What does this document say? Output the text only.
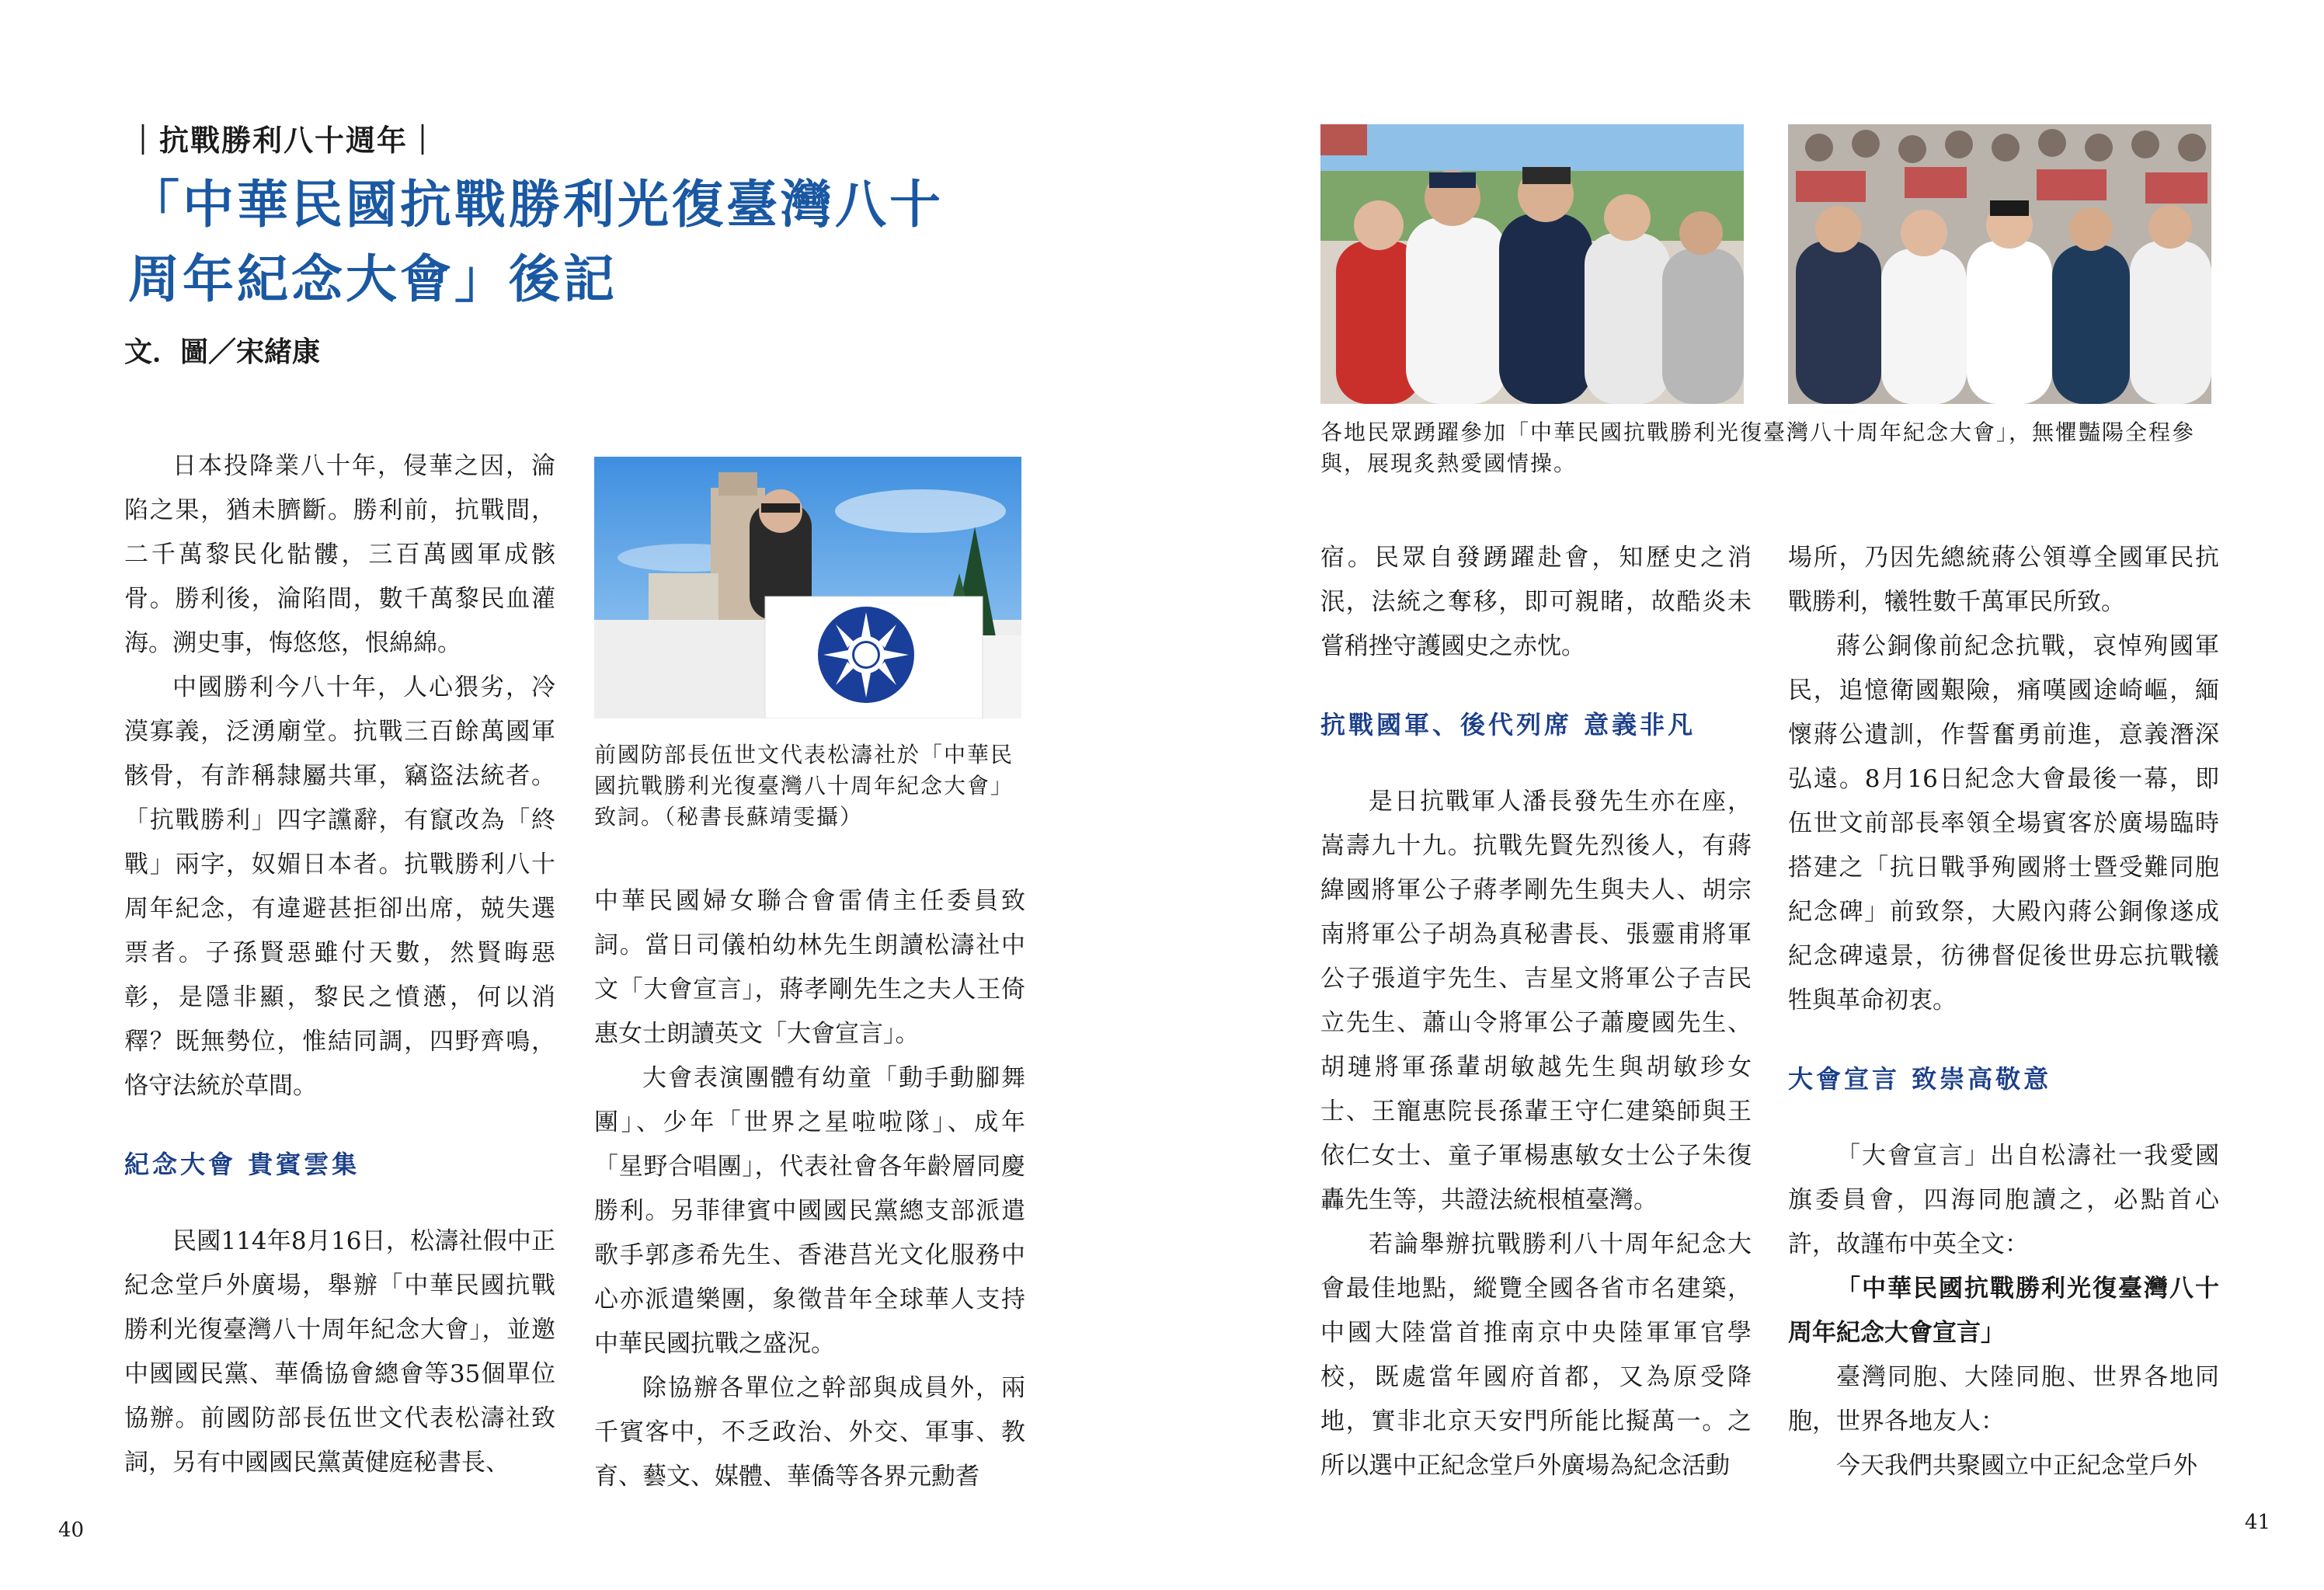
｜抗戰勝利八十週年｜
「中華民國抗戰勝利光復臺灣八十
周年紀念大會」後記
文．圖／宋緒康

日本投降業八十年，侵華之因，淪陷之果，猶未臍斷。勝利前，抗戰間，二千萬黎民化骷髏，三百萬國軍成骸骨。勝利後，淪陷間，數千萬黎民血灌海。溯史事，悔悠悠，恨綿綿。

中國勝利今八十年，人心猥劣，冷漠寡義，泛湧廟堂。抗戰三百餘萬國軍骸骨，有詐稱隸屬共軍，竊盜法統者。「抗戰勝利」四字讜辭，有竄改為「終戰」兩字，奴媚日本者。抗戰勝利八十周年紀念，有違避甚拒卻出席，兢失選票者。子孫賢惡雖付天數，然賢晦惡彰，是隱非顯，黎民之憤懣，何以消釋？既無勢位，惟結同調，四野齊鳴，恪守法統於草間。

紀念大會 貴賓雲集

民國114年8月16日，松濤社假中正紀念堂戶外廣場，舉辦「中華民國抗戰勝利光復臺灣八十周年紀念大會」，並邀中國國民黨、華僑協會總會等35個單位協辦。前國防部長伍世文代表松濤社致詞，另有中國國民黨黃健庭秘書長、

前國防部長伍世文代表松濤社於「中華民國抗戰勝利光復臺灣八十周年紀念大會」致詞。（秘書長蘇靖雯攝）

中華民國婦女聯合會雷倩主任委員致詞。當日司儀柏幼林先生朗讀松濤社中文「大會宣言」，蔣孝剛先生之夫人王倚惠女士朗讀英文「大會宣言」。

大會表演團體有幼童「動手動腳舞團」、少年「世界之星啦啦隊」、成年「星野合唱團」，代表社會各年齡層同慶勝利。另菲律賓中國國民黨總支部派遣歌手郭彥希先生、香港莒光文化服務中心亦派遣樂團，象徵昔年全球華人支持中華民國抗戰之盛況。

除協辦各單位之幹部與成員外，兩千賓客中，不乏政治、外交、軍事、教育、藝文、媒體、華僑等各界元勳耆

各地民眾踴躍參加「中華民國抗戰勝利光復臺灣八十周年紀念大會」，無懼豔陽全程參與，展現炙熱愛國情操。

宿。民眾自發踴躍赴會，知歷史之消泯，法統之奪移，即可親睹，故酷炎未嘗稍挫守護國史之赤忱。

抗戰國軍、後代列席 意義非凡

是日抗戰軍人潘長發先生亦在座，嵩壽九十九。抗戰先賢先烈後人，有蔣緯國將軍公子蔣孝剛先生與夫人、胡宗南將軍公子胡為真秘書長、張靈甫將軍公子張道宇先生、吉星文將軍公子吉民立先生、蕭山令將軍公子蕭慶國先生、胡璉將軍孫輩胡敏越先生與胡敏珍女士、王寵惠院長孫輩王守仁建築師與王依仁女士、童子軍楊惠敏女士公子朱復轟先生等，共證法統根植臺灣。

若論舉辦抗戰勝利八十周年紀念大會最佳地點，縱覽全國各省市名建築，中國大陸當首推南京中央陸軍軍官學校，既處當年國府首都，又為原受降地，實非北京天安門所能比擬萬一。之所以選中正紀念堂戶外廣場為紀念活動

場所，乃因先總統蔣公領導全國軍民抗戰勝利，犧牲數千萬軍民所致。

蔣公銅像前紀念抗戰，哀悼殉國軍民，追憶衛國艱險，痛嘆國途崎嶇，緬懷蔣公遺訓，作誓奮勇前進，意義潛深弘遠。8月16日紀念大會最後一幕，即伍世文前部長率領全場賓客於廣場臨時搭建之「抗日戰爭殉國將士暨受難同胞紀念碑」前致祭，大殿內蔣公銅像遂成紀念碑遠景，彷彿督促後世毋忘抗戰犧牲與革命初衷。

大會宣言 致崇高敬意

「大會宣言」出自松濤社一我愛國旗委員會，四海同胞讀之，必點首心許，故謹布中英全文：

「中華民國抗戰勝利光復臺灣八十周年紀念大會宣言」

臺灣同胞、大陸同胞、世界各地同胞，世界各地友人：

今天我們共聚國立中正紀念堂戶外

40	41
